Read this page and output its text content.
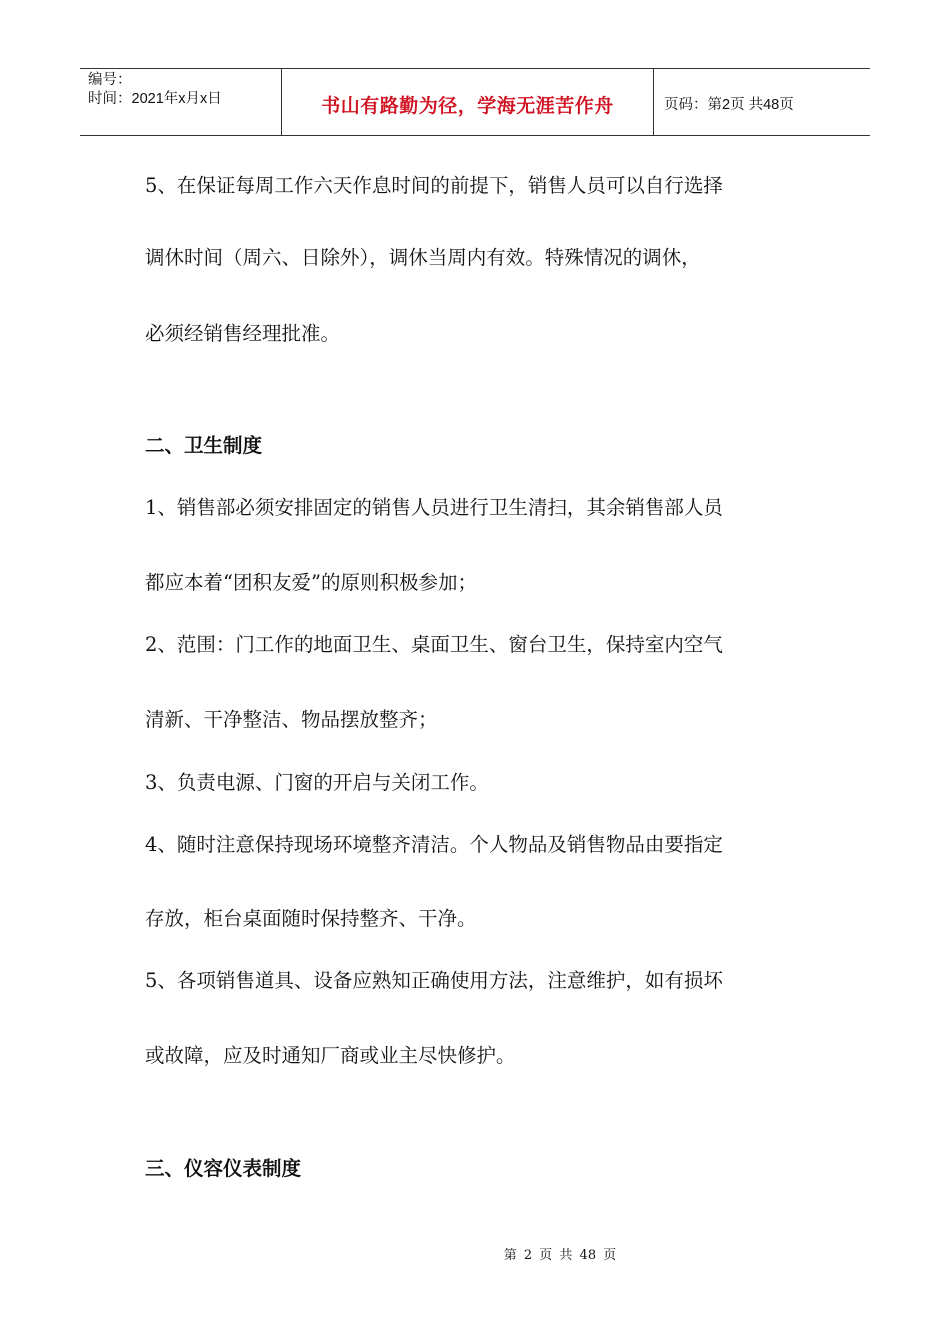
编号：
时间：2021年x月x日	书山有路勤为径，学海无涯苦作舟	页码：第2页 共48页
5、在保证每周工作六天作息时间的前提下，销售人员可以自行选择
调休时间（周六、日除外），调休当周内有效。特殊情况的调休，
必须经销售经理批准。
二、卫生制度
1、销售部必须安排固定的销售人员进行卫生清扫，其余销售部人员
都应本着“团积友爱”的原则积极参加；
2、范围：门工作的地面卫生、桌面卫生、窗台卫生，保持室内空气
清新、干净整洁、物品摆放整齐；
3、负责电源、门窗的开启与关闭工作。
4、随时注意保持现场环境整齐清洁。个人物品及销售物品由要指定
存放，柜台桌面随时保持整齐、干净。
5、各项销售道具、设备应熟知正确使用方法，注意维护，如有损坏
或故障，应及时通知厂商或业主尽快修护。
三、仪容仪表制度
第 2 页 共 48 页
